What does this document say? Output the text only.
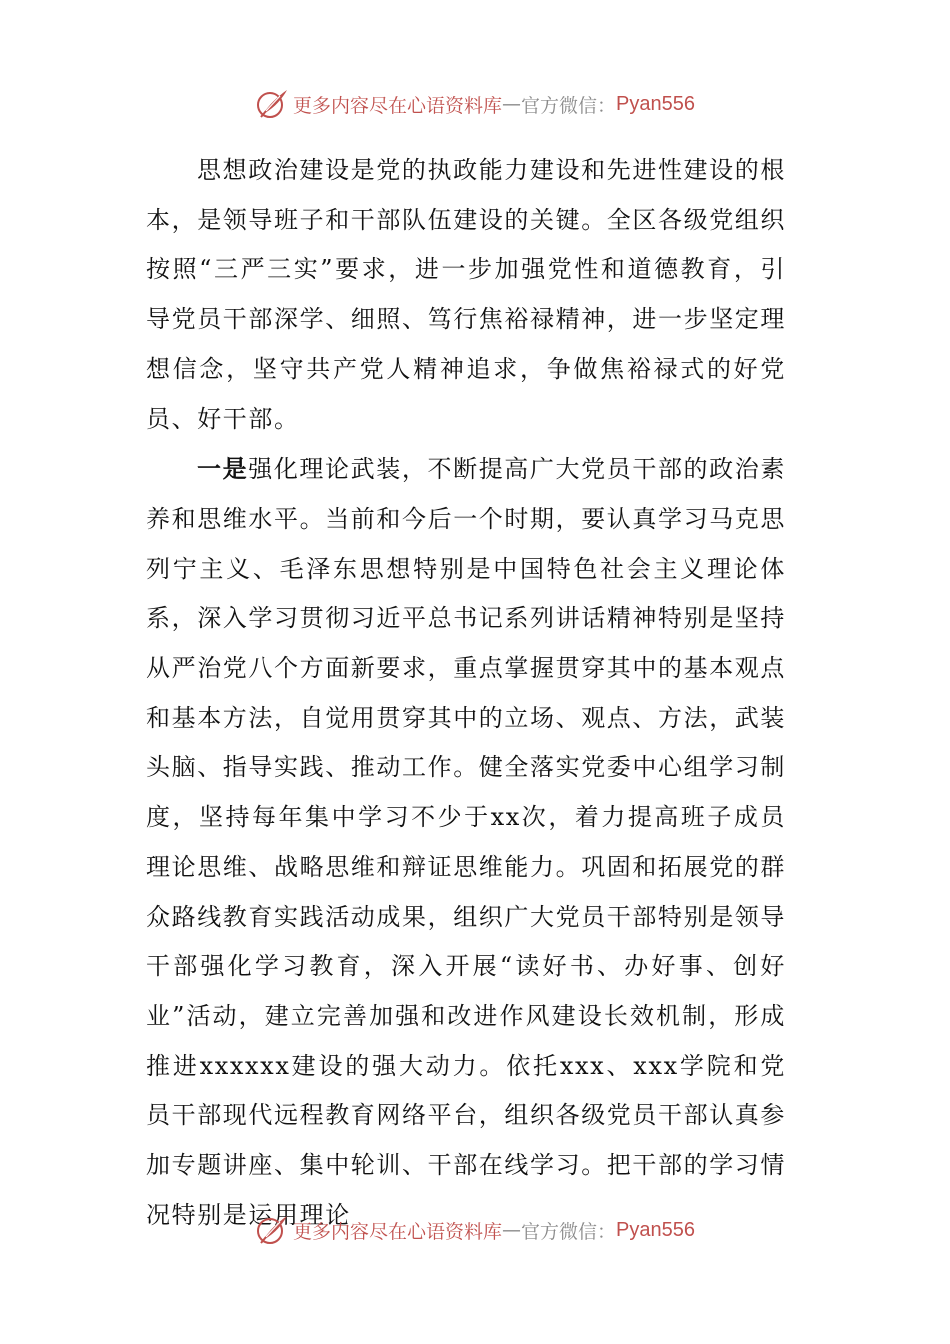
更多内容尽在心语资料库 — 官方微信： Pyan556

思想政治建设是党的执政能力建设和先进性建设的根本，是领导班子和干部队伍建设的关键。全区各级党组织按照“三严三实”要求，进一步加强党性和道德教育，引导党员干部深学、细照、笃行焦裕禄精神，进一步坚定理想信念，坚守共产党人精神追求，争做焦裕禄式的好党员、好干部。

一是强化理论武装，不断提高广大党员干部的政治素养和思维水平。当前和今后一个时期，要认真学习马克思列宁主义、毛泽东思想特别是中国特色社会主义理论体系，深入学习贯彻习近平总书记系列讲话精神特别是坚持从严治党八个方面新要求，重点掌握贯穿其中的基本观点和基本方法，自觉用贯穿其中的立场、观点、方法，武装头脑、指导实践、推动工作。健全落实党委中心组学习制度，坚持每年集中学习不少于xx次，着力提高班子成员理论思维、战略思维和辩证思维能力。巩固和拓展党的群众路线教育实践活动成果，组织广大党员干部特别是领导干部强化学习教育，深入开展“读好书、办好事、创好业”活动，建立完善加强和改进作风建设长效机制，形成推进xxxxxx建设的强大动力。依托xxx、xxx学院和党员干部现代远程教育网络平台，组织各级党员干部认真参加专题讲座、集中轮训、干部在线学习。把干部的学习情况特别是运用理论

更多内容尽在心语资料库 — 官方微信： Pyan556
